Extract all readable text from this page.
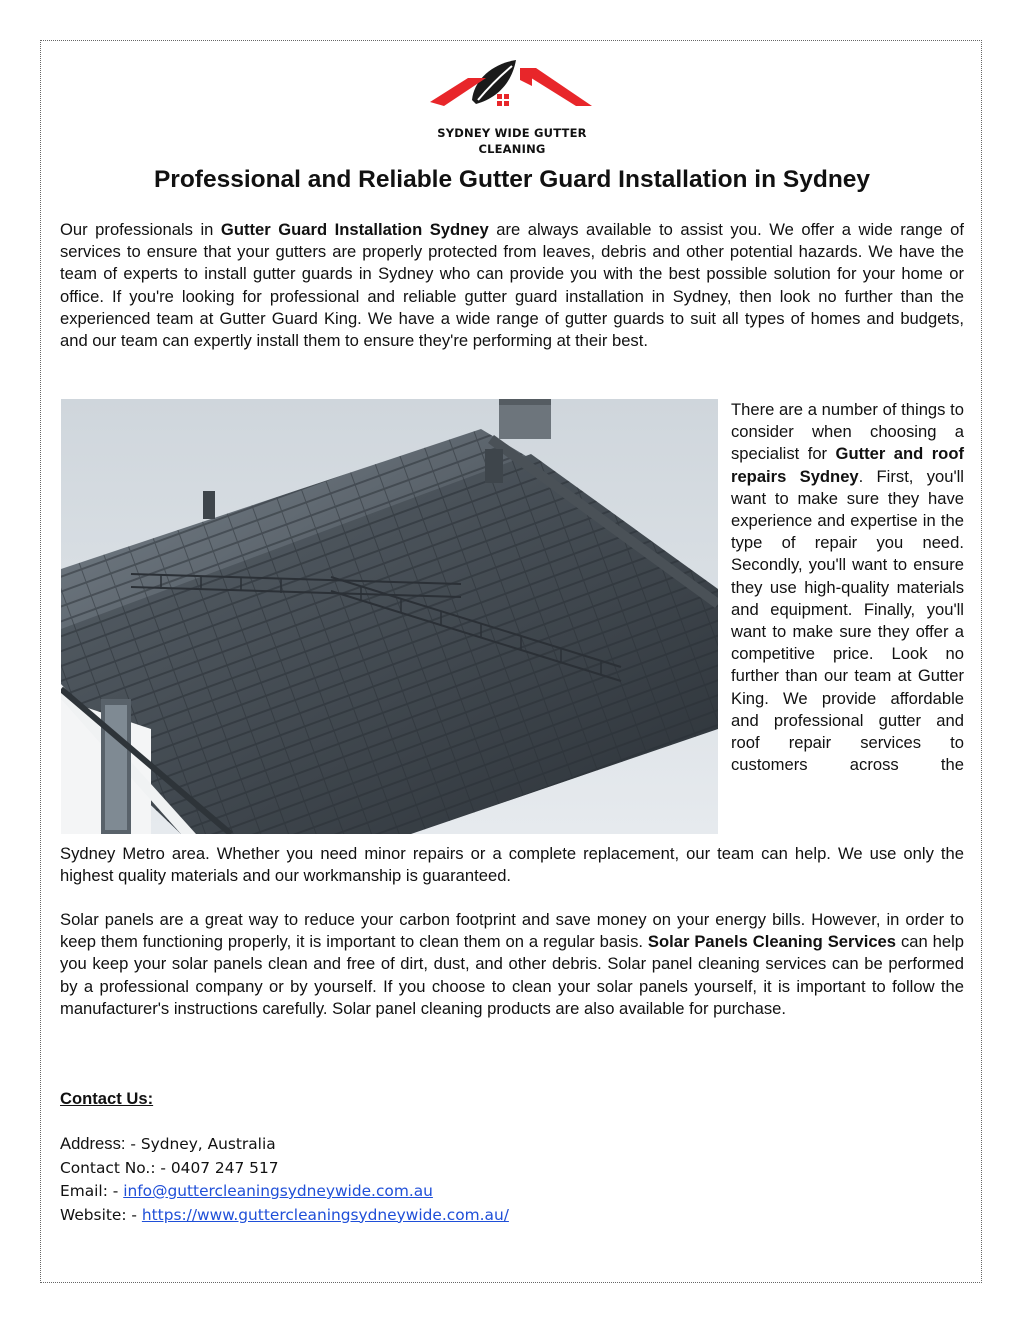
SYDNEY WIDE GUTTER
CLEANING
Professional and Reliable Gutter Guard Installation in Sydney

Our professionals in Gutter Guard Installation Sydney are always available to assist you. We offer a wide range of services to ensure that your gutters are properly protected from leaves, debris and other potential hazards. We have the team of experts to install gutter guards in Sydney who can provide you with the best possible solution for your home or office. If you're looking for professional and reliable gutter guard installation in Sydney, then look no further than the experienced team at Gutter Guard King. We have a wide range of gutter guards to suit all types of homes and budgets, and our team can expertly install them to ensure they're performing at their best.

There are a number of things to consider when choosing a specialist for Gutter and roof repairs Sydney. First, you'll want to make sure they have experience and expertise in the type of repair you need. Secondly, you'll want to ensure they use high-quality materials and equipment. Finally, you'll want to make sure they offer a competitive price. Look no further than our team at Gutter King. We provide affordable and professional gutter and roof repair services to customers across the

Sydney Metro area. Whether you need minor repairs or a complete replacement, our team can help. We use only the highest quality materials and our workmanship is guaranteed.

Solar panels are a great way to reduce your carbon footprint and save money on your energy bills. However, in order to keep them functioning properly, it is important to clean them on a regular basis. Solar Panels Cleaning Services can help you keep your solar panels clean and free of dirt, dust, and other debris. Solar panel cleaning services can be performed by a professional company or by yourself. If you choose to clean your solar panels yourself, it is important to follow the manufacturer's instructions carefully. Solar panel cleaning products are also available for purchase.

Contact Us:

Address: - Sydney, Australia
Contact No.: - 0407 247 517
Email: - info@guttercleaningsydneywide.com.au
Website: - https://www.guttercleaningsydneywide.com.au/
